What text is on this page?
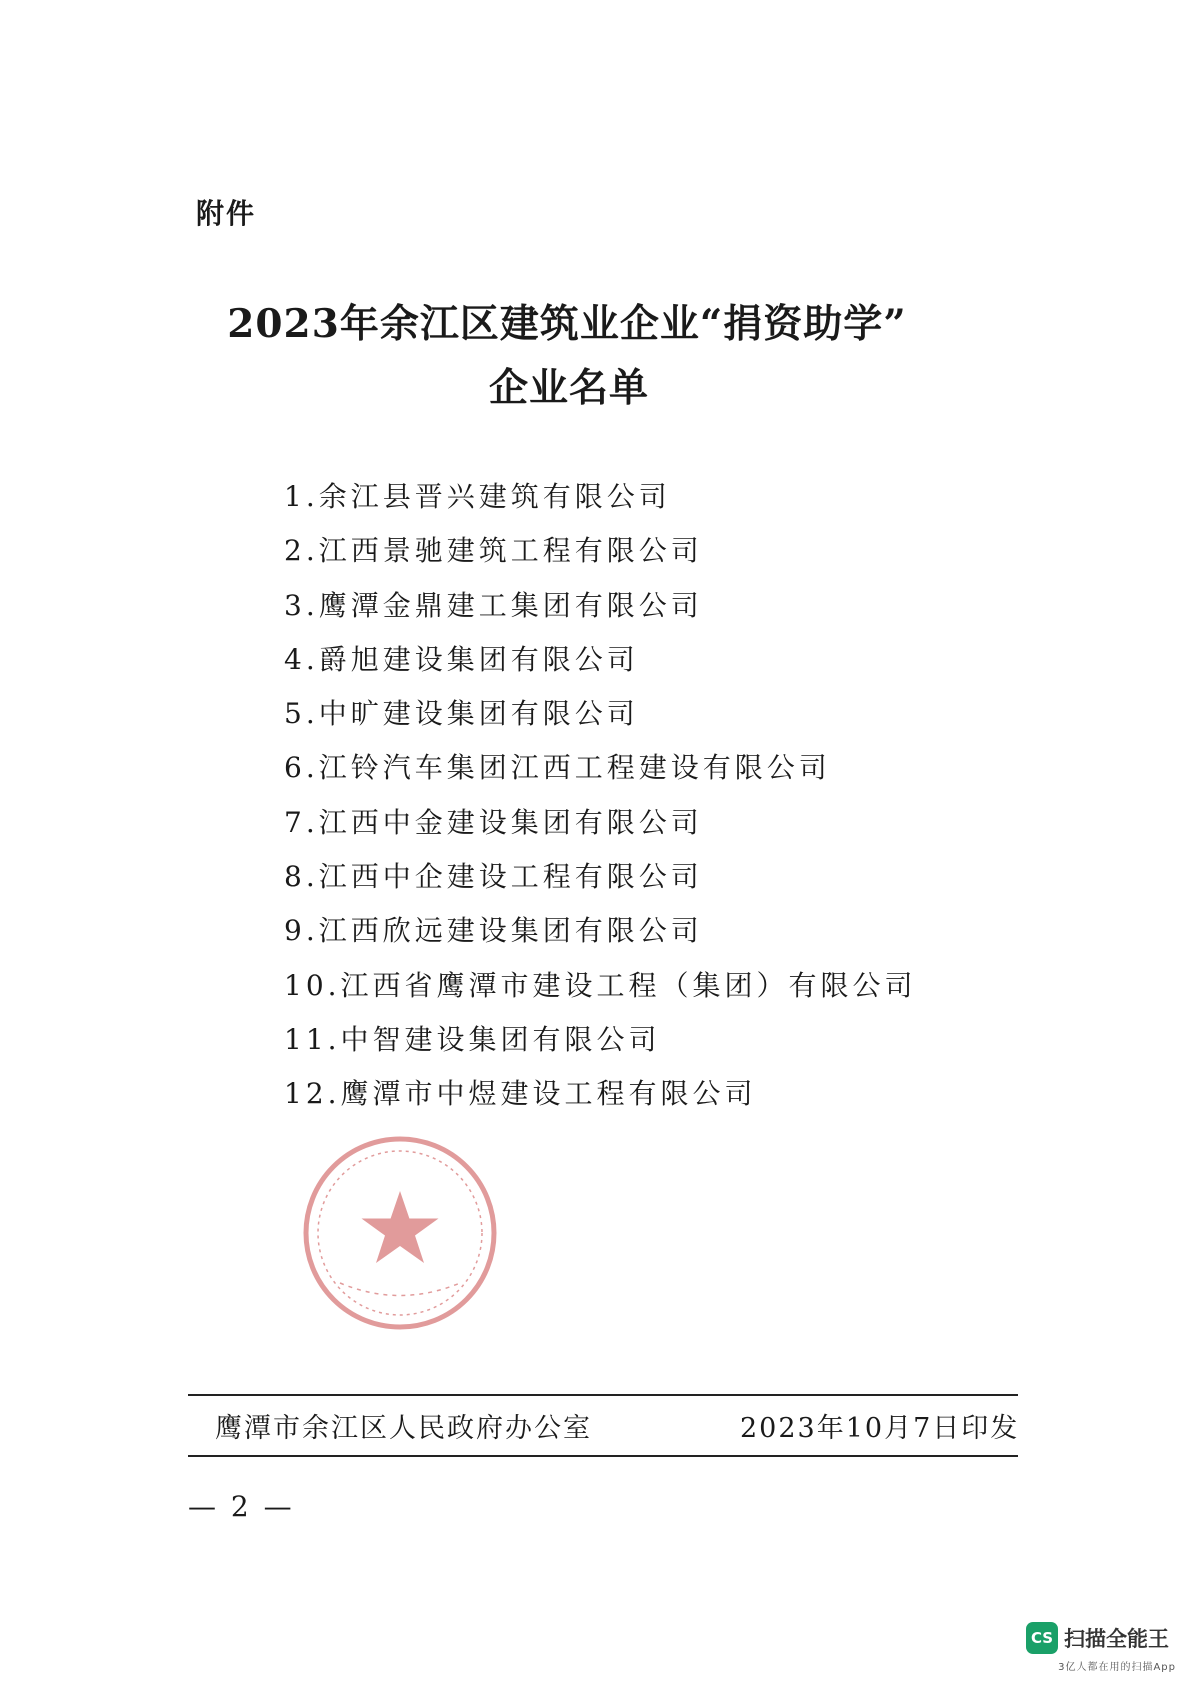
附件
2023年余江区建筑业企业“捐资助学”
企业名单
1.余江县晋兴建筑有限公司
2.江西景驰建筑工程有限公司
3.鹰潭金鼎建工集团有限公司
4.爵旭建设集团有限公司
5.中旷建设集团有限公司
6.江铃汽车集团江西工程建设有限公司
7.江西中金建设集团有限公司
8.江西中企建设工程有限公司
9.江西欣远建设集团有限公司
10.江西省鹰潭市建设工程（集团）有限公司
11.中智建设集团有限公司
12.鹰潭市中煜建设工程有限公司
鹰潭市余江区人民政府办公室	2023年10月7日印发
— 2 —
CS 扫描全能王
3亿人都在用的扫描App
